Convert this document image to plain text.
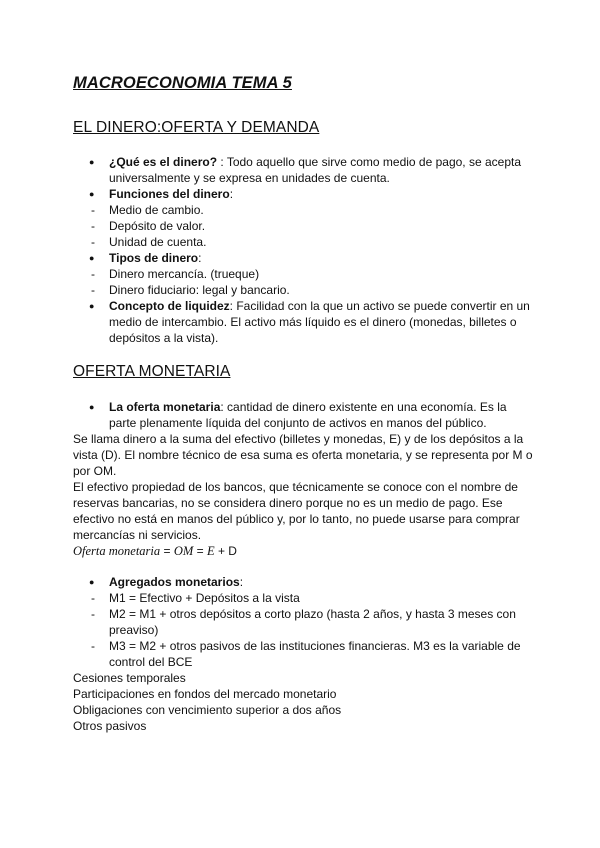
MACROECONOMIA TEMA 5
EL DINERO:OFERTA Y DEMANDA
● ¿Qué es el dinero? : Todo aquello que sirve como medio de pago, se acepta universalmente y se expresa en unidades de cuenta.
● Funciones del dinero:
- Medio de cambio.
- Depósito de valor.
- Unidad de cuenta.
● Tipos de dinero:
- Dinero mercancía. (trueque)
- Dinero fiduciario: legal y bancario.
● Concepto de liquidez: Facilidad con la que un activo se puede convertir en un medio de intercambio. El activo más líquido es el dinero (monedas, billetes o depósitos a la vista).
OFERTA MONETARIA
● La oferta monetaria: cantidad de dinero existente en una economía. Es la parte plenamente líquida del conjunto de activos en manos del público.
Se llama dinero a la suma del efectivo (billetes y monedas, E) y de los depósitos a la vista (D). El nombre técnico de esa suma es oferta monetaria, y se representa por M o por OM.
El efectivo propiedad de los bancos, que técnicamente se conoce con el nombre de reservas bancarias, no se considera dinero porque no es un medio de pago. Ese efectivo no está en manos del público y, por lo tanto, no puede usarse para comprar mercancías ni servicios.
Oferta monetaria = OM = E + D
● Agregados monetarios:
- M1 = Efectivo + Depósitos a la vista
- M2 = M1 + otros depósitos a corto plazo (hasta 2 años, y hasta 3 meses con preaviso)
- M3 = M2 + otros pasivos de las instituciones financieras. M3 es la variable de control del BCE
Cesiones temporales
Participaciones en fondos del mercado monetario
Obligaciones con vencimiento superior a dos años
Otros pasivos
